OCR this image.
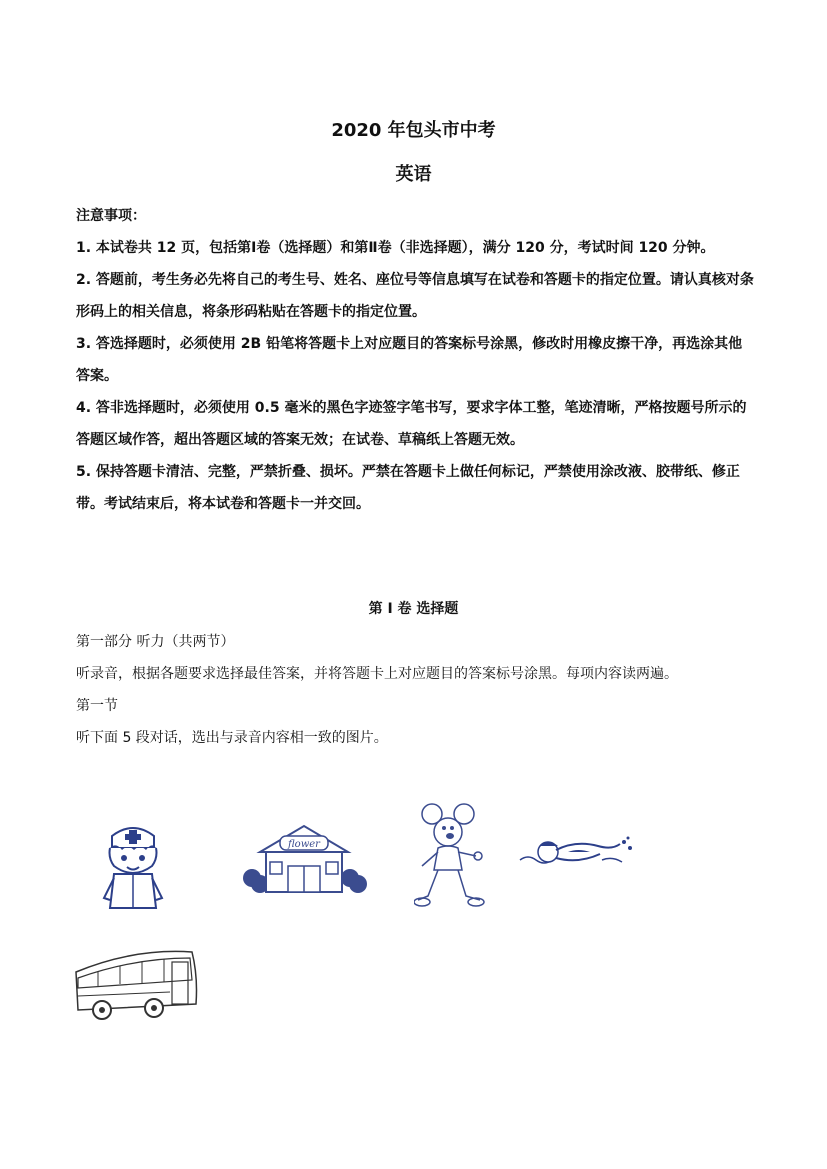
2020 年包头市中考
英语

注意事项：

1. 本试卷共 12 页，包括第Ⅰ卷（选择题）和第Ⅱ卷（非选择题），满分 120 分，考试时间 120 分钟。

2. 答题前，考生务必先将自己的考生号、姓名、座位号等信息填写在试卷和答题卡的指定位置。请认真核对条形码上的相关信息，将条形码粘贴在答题卡的指定位置。

3. 答选择题时，必须使用 2B 铅笔将答题卡上对应题目的答案标号涂黑，修改时用橡皮擦干净，再选涂其他答案。

4. 答非选择题时，必须使用 0.5 毫米的黑色字迹签字笔书写，要求字体工整，笔迹清晰，严格按题号所示的答题区域作答，超出答题区域的答案无效；在试卷、草稿纸上答题无效。

5. 保持答题卡清洁、完整，严禁折叠、损坏。严禁在答题卡上做任何标记，严禁使用涂改液、胶带纸、修正带。考试结束后，将本试卷和答题卡一并交回。

第 I 卷 选择题

第一部分 听力（共两节）

听录音，根据各题要求选择最佳答案，并将答题卡上对应题目的答案标号涂黑。每项内容读两遍。

第一节

听下面 5 段对话，选出与录音内容相一致的图片。

flower
